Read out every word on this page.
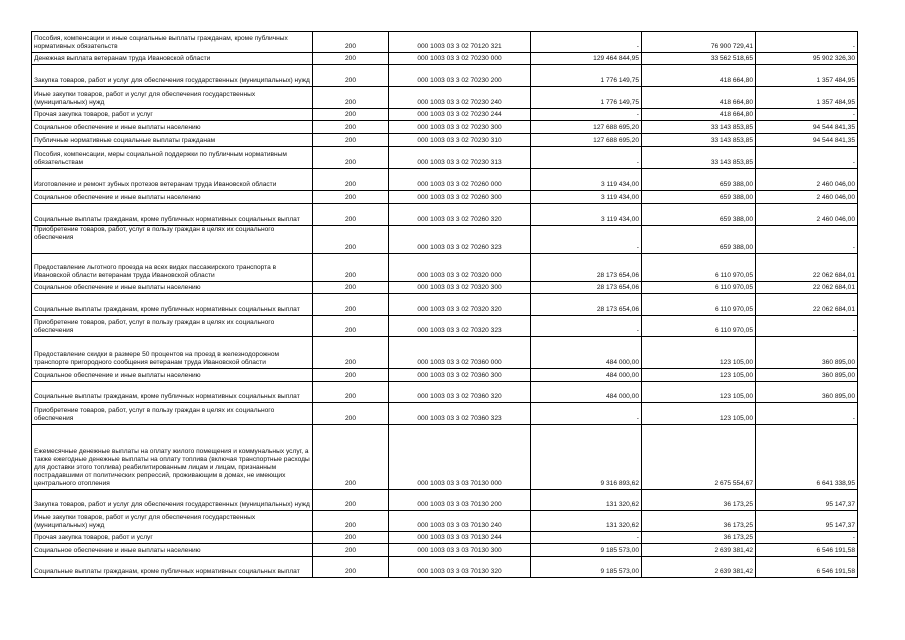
Пособия, компенсации и иные социальные выплаты гражданам, кроме публичных нормативных обязательств	200	000 1003 03 3 02 70120 321	-	76 900 729,41	-
Денежная выплата ветеранам труда Ивановской области	200	000 1003 03 3 02 70230 000	129 464 844,95	33 562 518,65	95 902 326,30
Закупка товаров, работ и услуг для обеспечения государственных (муниципальных) нужд	200	000 1003 03 3 02 70230 200	1 776 149,75	418 664,80	1 357 484,95
Иные закупки товаров, работ и услуг для обеспечения государственных (муниципальных) нужд	200	000 1003 03 3 02 70230 240	1 776 149,75	418 664,80	1 357 484,95
Прочая закупка товаров, работ и услуг	200	000 1003 03 3 02 70230 244	-	418 664,80	-
Социальное обеспечение и иные выплаты населению	200	000 1003 03 3 02 70230 300	127 688 695,20	33 143 853,85	94 544 841,35
Публичные нормативные социальные выплаты гражданам	200	000 1003 03 3 02 70230 310	127 688 695,20	33 143 853,85	94 544 841,35
Пособия, компенсации, меры социальной поддержки по публичным нормативным обязательствам	200	000 1003 03 3 02 70230 313	-	33 143 853,85	-
Изготовление и ремонт зубных протезов ветеранам труда Ивановской области	200	000 1003 03 3 02 70260 000	3 119 434,00	659 388,00	2 460 046,00
Социальное обеспечение и иные выплаты населению	200	000 1003 03 3 02 70260 300	3 119 434,00	659 388,00	2 460 046,00
Социальные выплаты гражданам, кроме публичных нормативных социальных выплат	200	000 1003 03 3 02 70260 320	3 119 434,00	659 388,00	2 460 046,00
Приобретение товаров, работ, услуг в пользу граждан в целях их социального обеспечения	200	000 1003 03 3 02 70260 323	-	659 388,00	-
Предоставление льготного проезда на всех видах пассажирского транспорта в Ивановской области ветеранам труда Ивановской области	200	000 1003 03 3 02 70320 000	28 173 654,06	6 110 970,05	22 062 684,01
Социальное обеспечение и иные выплаты населению	200	000 1003 03 3 02 70320 300	28 173 654,06	6 110 970,05	22 062 684,01
Социальные выплаты гражданам, кроме публичных нормативных социальных выплат	200	000 1003 03 3 02 70320 320	28 173 654,06	6 110 970,05	22 062 684,01
Приобретение товаров, работ, услуг в пользу граждан в целях их социального обеспечения	200	000 1003 03 3 02 70320 323	-	6 110 970,05	-
Предоставление скидки в размере 50 процентов на проезд в железнодорожном транспорте пригородного сообщения ветеранам труда Ивановской области	200	000 1003 03 3 02 70360 000	484 000,00	123 105,00	360 895,00
Социальное обеспечение и иные выплаты населению	200	000 1003 03 3 02 70360 300	484 000,00	123 105,00	360 895,00
Социальные выплаты гражданам, кроме публичных нормативных социальных выплат	200	000 1003 03 3 02 70360 320	484 000,00	123 105,00	360 895,00
Приобретение товаров, работ, услуг в пользу граждан в целях их социального обеспечения	200	000 1003 03 3 02 70360 323	-	123 105,00	-
Ежемесячные денежные выплаты на оплату жилого помещения и коммунальных услуг, а также ежегодные денежные выплаты на оплату топлива (включая транспортные расходы для доставки этого топлива) реабилитированным лицам и лицам, признанным пострадавшими от политических репрессий, проживающим в домах, не имеющих центрального отопления	200	000 1003 03 3 03 70130 000	9 316 893,62	2 675 554,67	6 641 338,95
Закупка товаров, работ и услуг для обеспечения государственных (муниципальных) нужд	200	000 1003 03 3 03 70130 200	131 320,62	36 173,25	95 147,37
Иные закупки товаров, работ и услуг для обеспечения государственных (муниципальных) нужд	200	000 1003 03 3 03 70130 240	131 320,62	36 173,25	95 147,37
Прочая закупка товаров, работ и услуг	200	000 1003 03 3 03 70130 244	-	36 173,25	-
Социальное обеспечение и иные выплаты населению	200	000 1003 03 3 03 70130 300	9 185 573,00	2 639 381,42	6 546 191,58
Социальные выплаты гражданам, кроме публичных нормативных социальных выплат	200	000 1003 03 3 03 70130 320	9 185 573,00	2 639 381,42	6 546 191,58
